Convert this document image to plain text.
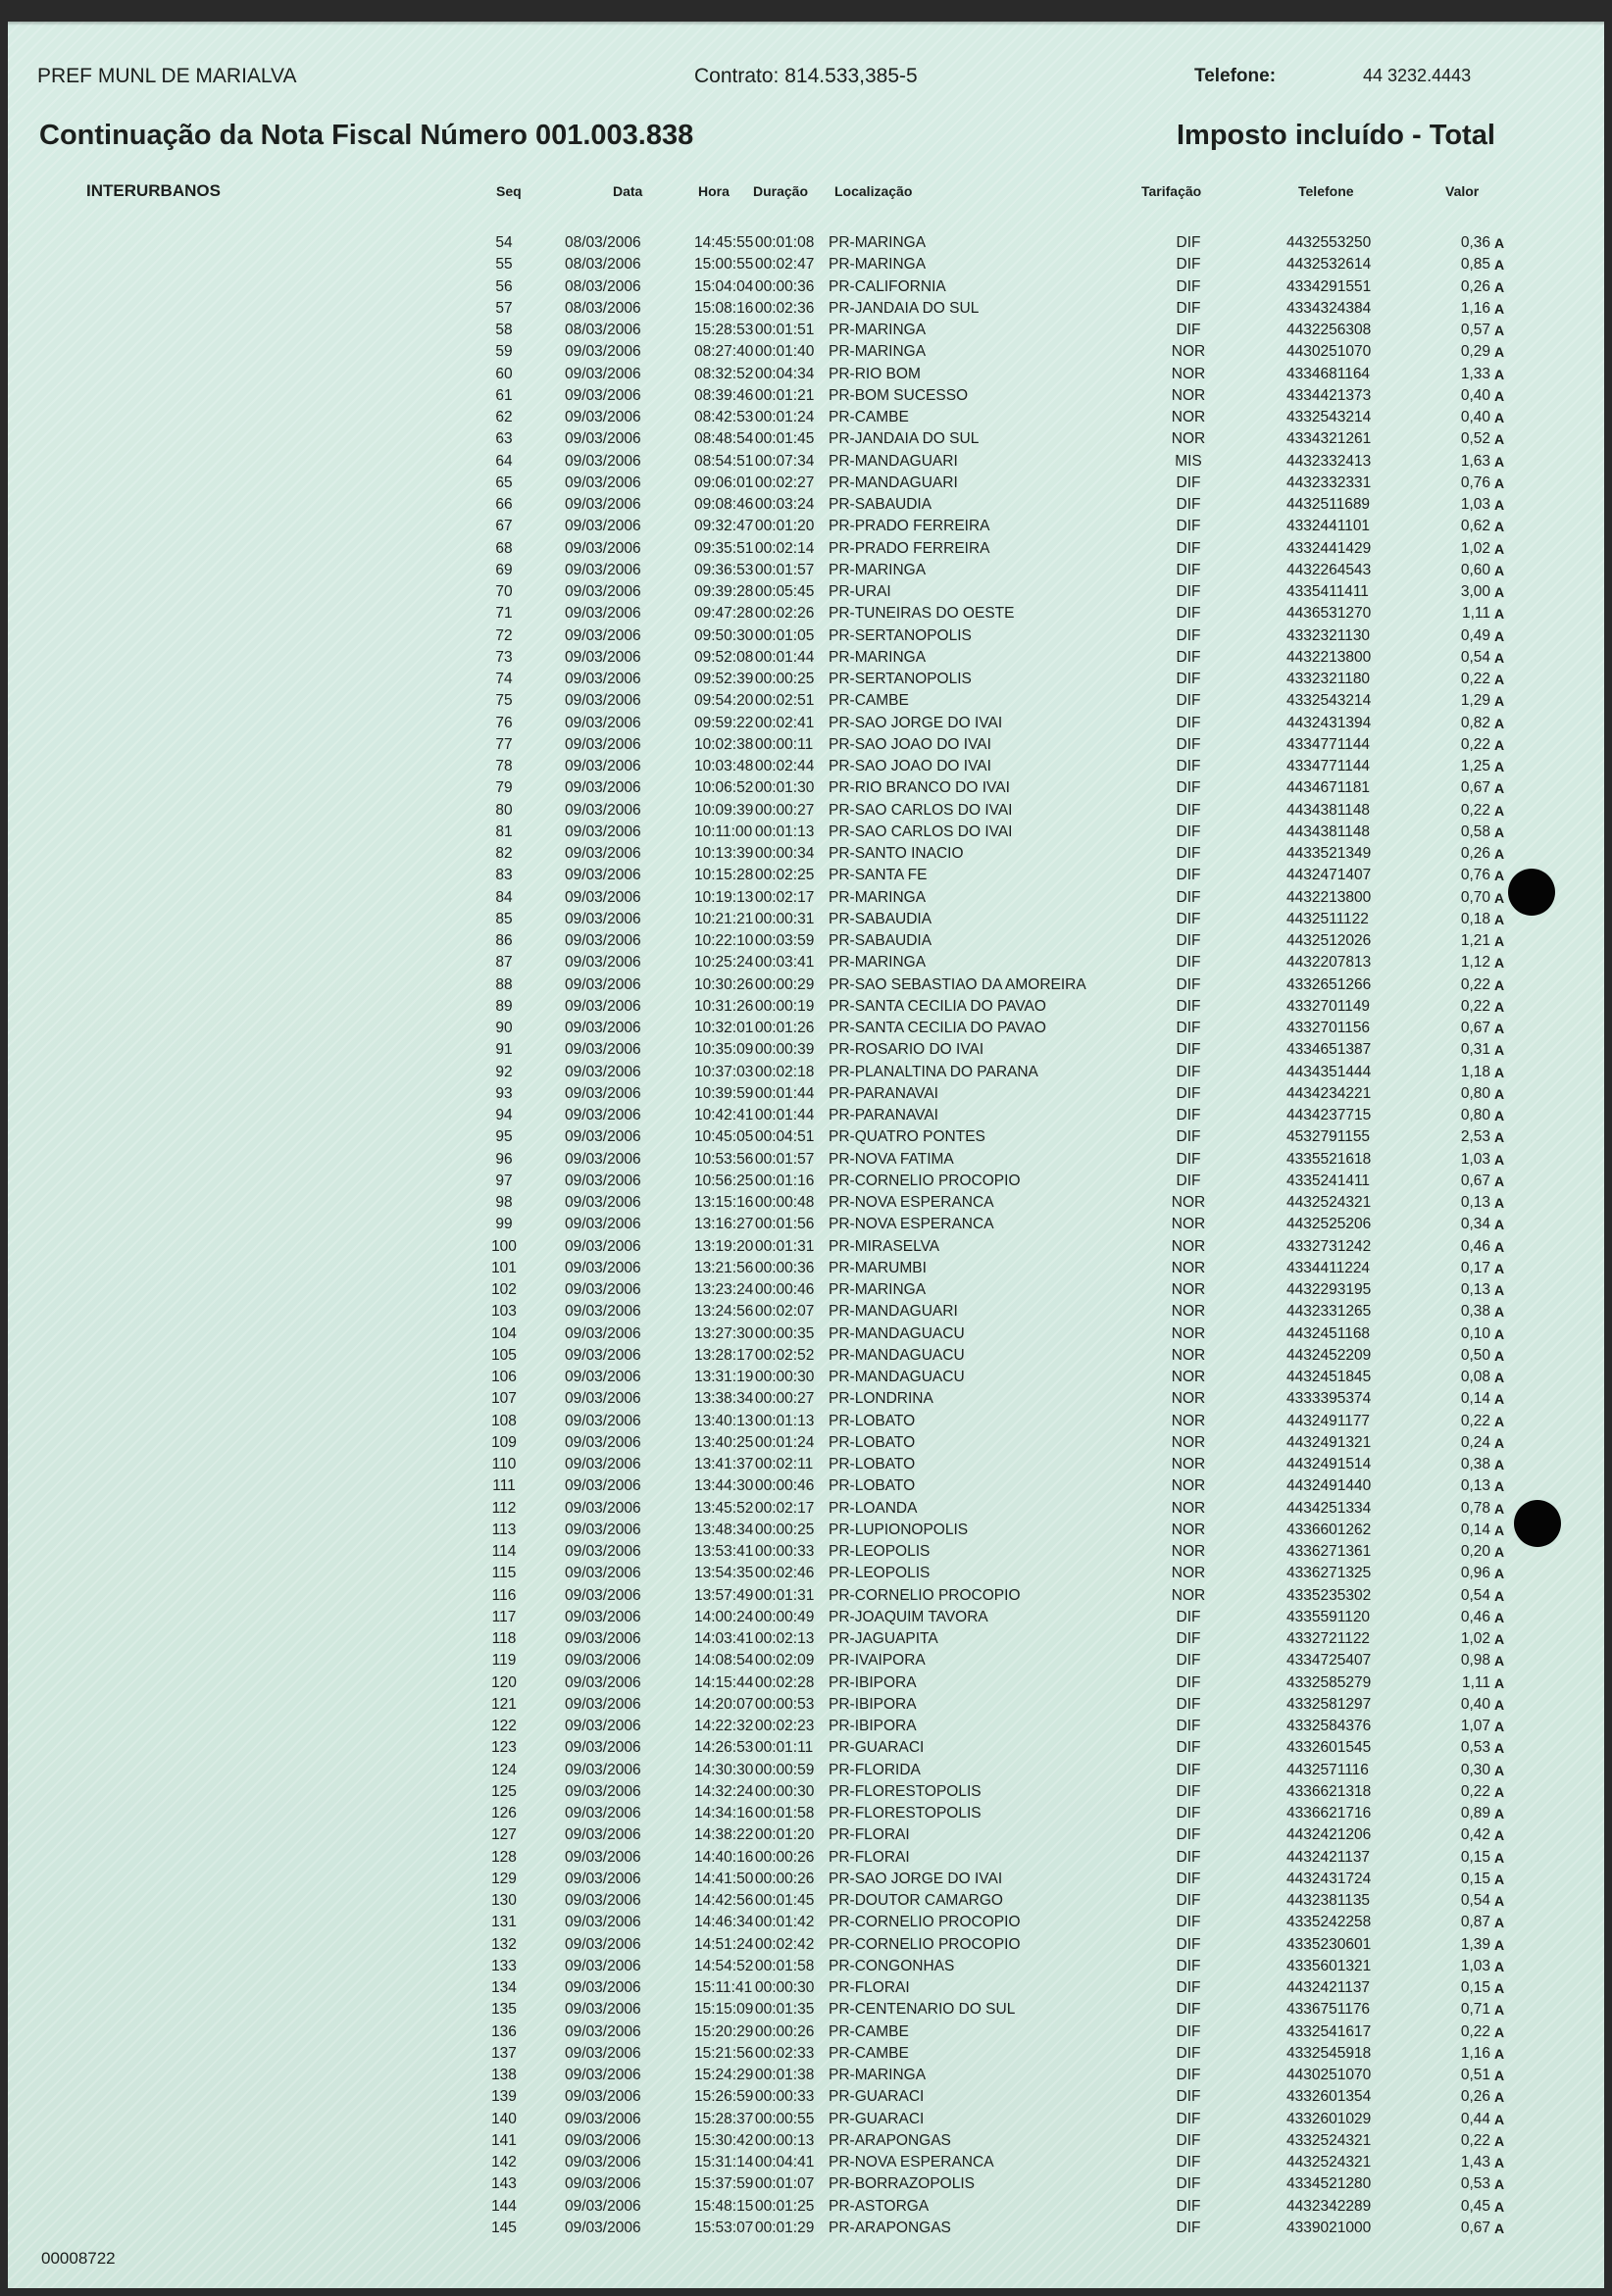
PREF MUNL DE MARIALVA	Contrato: 814.533,385-5	Telefone:	44 3232.4443
Continuação da Nota Fiscal Número 001.003.838	Imposto incluído - Total
INTERURBANOS	Seq	Data	Hora Duração Localização	Tarifação	Telefone	Valor
54	08/03/2006	14:45:55 00:01:08 PR-MARINGA	DIF	4432553250	0,36 A
55	08/03/2006	15:00:55 00:02:47 PR-MARINGA	DIF	4432532614	0,85 A
56	08/03/2006	15:04:04 00:00:36 PR-CALIFORNIA	DIF	4334291551	0,26 A
57	08/03/2006	15:08:16 00:02:36 PR-JANDAIA DO SUL	DIF	4334324384	1,16 A
58	08/03/2006	15:28:53 00:01:51 PR-MARINGA	DIF	4432256308	0,57 A
59	09/03/2006	08:27:40 00:01:40 PR-MARINGA	NOR	4430251070	0,29 A
60	09/03/2006	08:32:52 00:04:34 PR-RIO BOM	NOR	4334681164	1,33 A
61	09/03/2006	08:39:46 00:01:21 PR-BOM SUCESSO	NOR	4334421373	0,40 A
62	09/03/2006	08:42:53 00:01:24 PR-CAMBE	NOR	4332543214	0,40 A
63	09/03/2006	08:48:54 00:01:45 PR-JANDAIA DO SUL	NOR	4334321261	0,52 A
64	09/03/2006	08:54:51 00:07:34 PR-MANDAGUARI	MIS	4432332413	1,63 A
65	09/03/2006	09:06:01 00:02:27 PR-MANDAGUARI	DIF	4432332331	0,76 A
66	09/03/2006	09:08:46 00:03:24 PR-SABAUDIA	DIF	4432511689	1,03 A
67	09/03/2006	09:32:47 00:01:20 PR-PRADO FERREIRA	DIF	4332441101	0,62 A
68	09/03/2006	09:35:51 00:02:14 PR-PRADO FERREIRA	DIF	4332441429	1,02 A
69	09/03/2006	09:36:53 00:01:57 PR-MARINGA	DIF	4432264543	0,60 A
70	09/03/2006	09:39:28 00:05:45 PR-URAI	DIF	4335411411	3,00 A
71	09/03/2006	09:47:28 00:02:26 PR-TUNEIRAS DO OESTE	DIF	4436531270	1,11 A
72	09/03/2006	09:50:30 00:01:05 PR-SERTANOPOLIS	DIF	4332321130	0,49 A
73	09/03/2006	09:52:08 00:01:44 PR-MARINGA	DIF	4432213800	0,54 A
74	09/03/2006	09:52:39 00:00:25 PR-SERTANOPOLIS	DIF	4332321180	0,22 A
75	09/03/2006	09:54:20 00:02:51 PR-CAMBE	DIF	4332543214	1,29 A
76	09/03/2006	09:59:22 00:02:41 PR-SAO JORGE DO IVAI	DIF	4432431394	0,82 A
77	09/03/2006	10:02:38 00:00:11 PR-SAO JOAO DO IVAI	DIF	4334771144	0,22 A
78	09/03/2006	10:03:48 00:02:44 PR-SAO JOAO DO IVAI	DIF	4334771144	1,25 A
79	09/03/2006	10:06:52 00:01:30 PR-RIO BRANCO DO IVAI	DIF	4434671181	0,67 A
80	09/03/2006	10:09:39 00:00:27 PR-SAO CARLOS DO IVAI	DIF	4434381148	0,22 A
81	09/03/2006	10:11:00 00:01:13 PR-SAO CARLOS DO IVAI	DIF	4434381148	0,58 A
82	09/03/2006	10:13:39 00:00:34 PR-SANTO INACIO	DIF	4433521349	0,26 A
83	09/03/2006	10:15:28 00:02:25 PR-SANTA FE	DIF	4432471407	0,76 A
84	09/03/2006	10:19:13 00:02:17 PR-MARINGA	DIF	4432213800	0,70 A
85	09/03/2006	10:21:21 00:00:31 PR-SABAUDIA	DIF	4432511122	0,18 A
86	09/03/2006	10:22:10 00:03:59 PR-SABAUDIA	DIF	4432512026	1,21 A
87	09/03/2006	10:25:24 00:03:41 PR-MARINGA	DIF	4432207813	1,12 A
88	09/03/2006	10:30:26 00:00:29 PR-SAO SEBASTIAO DA AMOREIRA	DIF	4332651266	0,22 A
89	09/03/2006	10:31:26 00:00:19 PR-SANTA CECILIA DO PAVAO	DIF	4332701149	0,22 A
90	09/03/2006	10:32:01 00:01:26 PR-SANTA CECILIA DO PAVAO	DIF	4332701156	0,67 A
91	09/03/2006	10:35:09 00:00:39 PR-ROSARIO DO IVAI	DIF	4334651387	0,31 A
92	09/03/2006	10:37:03 00:02:18 PR-PLANALTINA DO PARANA	DIF	4434351444	1,18 A
93	09/03/2006	10:39:59 00:01:44 PR-PARANAVAI	DIF	4434234221	0,80 A
94	09/03/2006	10:42:41 00:01:44 PR-PARANAVAI	DIF	4434237715	0,80 A
95	09/03/2006	10:45:05 00:04:51 PR-QUATRO PONTES	DIF	4532791155	2,53 A
96	09/03/2006	10:53:56 00:01:57 PR-NOVA FATIMA	DIF	4335521618	1,03 A
97	09/03/2006	10:56:25 00:01:16 PR-CORNELIO PROCOPIO	DIF	4335241411	0,67 A
98	09/03/2006	13:15:16 00:00:48 PR-NOVA ESPERANCA	NOR	4432524321	0,13 A
99	09/03/2006	13:16:27 00:01:56 PR-NOVA ESPERANCA	NOR	4432525206	0,34 A
100	09/03/2006	13:19:20 00:01:31 PR-MIRASELVA	NOR	4332731242	0,46 A
101	09/03/2006	13:21:56 00:00:36 PR-MARUMBI	NOR	4334411224	0,17 A
102	09/03/2006	13:23:24 00:00:46 PR-MARINGA	NOR	4432293195	0,13 A
103	09/03/2006	13:24:56 00:02:07 PR-MANDAGUARI	NOR	4432331265	0,38 A
104	09/03/2006	13:27:30 00:00:35 PR-MANDAGUACU	NOR	4432451168	0,10 A
105	09/03/2006	13:28:17 00:02:52 PR-MANDAGUACU	NOR	4432452209	0,50 A
106	09/03/2006	13:31:19 00:00:30 PR-MANDAGUACU	NOR	4432451845	0,08 A
107	09/03/2006	13:38:34 00:00:27 PR-LONDRINA	NOR	4333395374	0,14 A
108	09/03/2006	13:40:13 00:01:13 PR-LOBATO	NOR	4432491177	0,22 A
109	09/03/2006	13:40:25 00:01:24 PR-LOBATO	NOR	4432491321	0,24 A
110	09/03/2006	13:41:37 00:02:11 PR-LOBATO	NOR	4432491514	0,38 A
111	09/03/2006	13:44:30 00:00:46 PR-LOBATO	NOR	4432491440	0,13 A
112	09/03/2006	13:45:52 00:02:17 PR-LOANDA	NOR	4434251334	0,78 A
113	09/03/2006	13:48:34 00:00:25 PR-LUPIONOPOLIS	NOR	4336601262	0,14 A
114	09/03/2006	13:53:41 00:00:33 PR-LEOPOLIS	NOR	4336271361	0,20 A
115	09/03/2006	13:54:35 00:02:46 PR-LEOPOLIS	NOR	4336271325	0,96 A
116	09/03/2006	13:57:49 00:01:31 PR-CORNELIO PROCOPIO	NOR	4335235302	0,54 A
117	09/03/2006	14:00:24 00:00:49 PR-JOAQUIM TAVORA	DIF	4335591120	0,46 A
118	09/03/2006	14:03:41 00:02:13 PR-JAGUAPITA	DIF	4332721122	1,02 A
119	09/03/2006	14:08:54 00:02:09 PR-IVAIPORA	DIF	4334725407	0,98 A
120	09/03/2006	14:15:44 00:02:28 PR-IBIPORA	DIF	4332585279	1,11 A
121	09/03/2006	14:20:07 00:00:53 PR-IBIPORA	DIF	4332581297	0,40 A
122	09/03/2006	14:22:32 00:02:23 PR-IBIPORA	DIF	4332584376	1,07 A
123	09/03/2006	14:26:53 00:01:11 PR-GUARACI	DIF	4332601545	0,53 A
124	09/03/2006	14:30:30 00:00:59 PR-FLORIDA	DIF	4432571116	0,30 A
125	09/03/2006	14:32:24 00:00:30 PR-FLORESTOPOLIS	DIF	4336621318	0,22 A
126	09/03/2006	14:34:16 00:01:58 PR-FLORESTOPOLIS	DIF	4336621716	0,89 A
127	09/03/2006	14:38:22 00:01:20 PR-FLORAI	DIF	4432421206	0,42 A
128	09/03/2006	14:40:16 00:00:26 PR-FLORAI	DIF	4432421137	0,15 A
129	09/03/2006	14:41:50 00:00:26 PR-SAO JORGE DO IVAI	DIF	4432431724	0,15 A
130	09/03/2006	14:42:56 00:01:45 PR-DOUTOR CAMARGO	DIF	4432381135	0,54 A
131	09/03/2006	14:46:34 00:01:42 PR-CORNELIO PROCOPIO	DIF	4335242258	0,87 A
132	09/03/2006	14:51:24 00:02:42 PR-CORNELIO PROCOPIO	DIF	4335230601	1,39 A
133	09/03/2006	14:54:52 00:01:58 PR-CONGONHAS	DIF	4335601321	1,03 A
134	09/03/2006	15:11:41 00:00:30 PR-FLORAI	DIF	4432421137	0,15 A
135	09/03/2006	15:15:09 00:01:35 PR-CENTENARIO DO SUL	DIF	4336751176	0,71 A
136	09/03/2006	15:20:29 00:00:26 PR-CAMBE	DIF	4332541617	0,22 A
137	09/03/2006	15:21:56 00:02:33 PR-CAMBE	DIF	4332545918	1,16 A
138	09/03/2006	15:24:29 00:01:38 PR-MARINGA	DIF	4430251070	0,51 A
139	09/03/2006	15:26:59 00:00:33 PR-GUARACI	DIF	4332601354	0,26 A
140	09/03/2006	15:28:37 00:00:55 PR-GUARACI	DIF	4332601029	0,44 A
141	09/03/2006	15:30:42 00:00:13 PR-ARAPONGAS	DIF	4332524321	0,22 A
142	09/03/2006	15:31:14 00:04:41 PR-NOVA ESPERANCA	DIF	4432524321	1,43 A
143	09/03/2006	15:37:59 00:01:07 PR-BORRAZOPOLIS	DIF	4334521280	0,53 A
144	09/03/2006	15:48:15 00:01:25 PR-ASTORGA	DIF	4432342289	0,45 A
145	09/03/2006	15:53:07 00:01:29 PR-ARAPONGAS	DIF	4339021000	0,67 A
00008722
